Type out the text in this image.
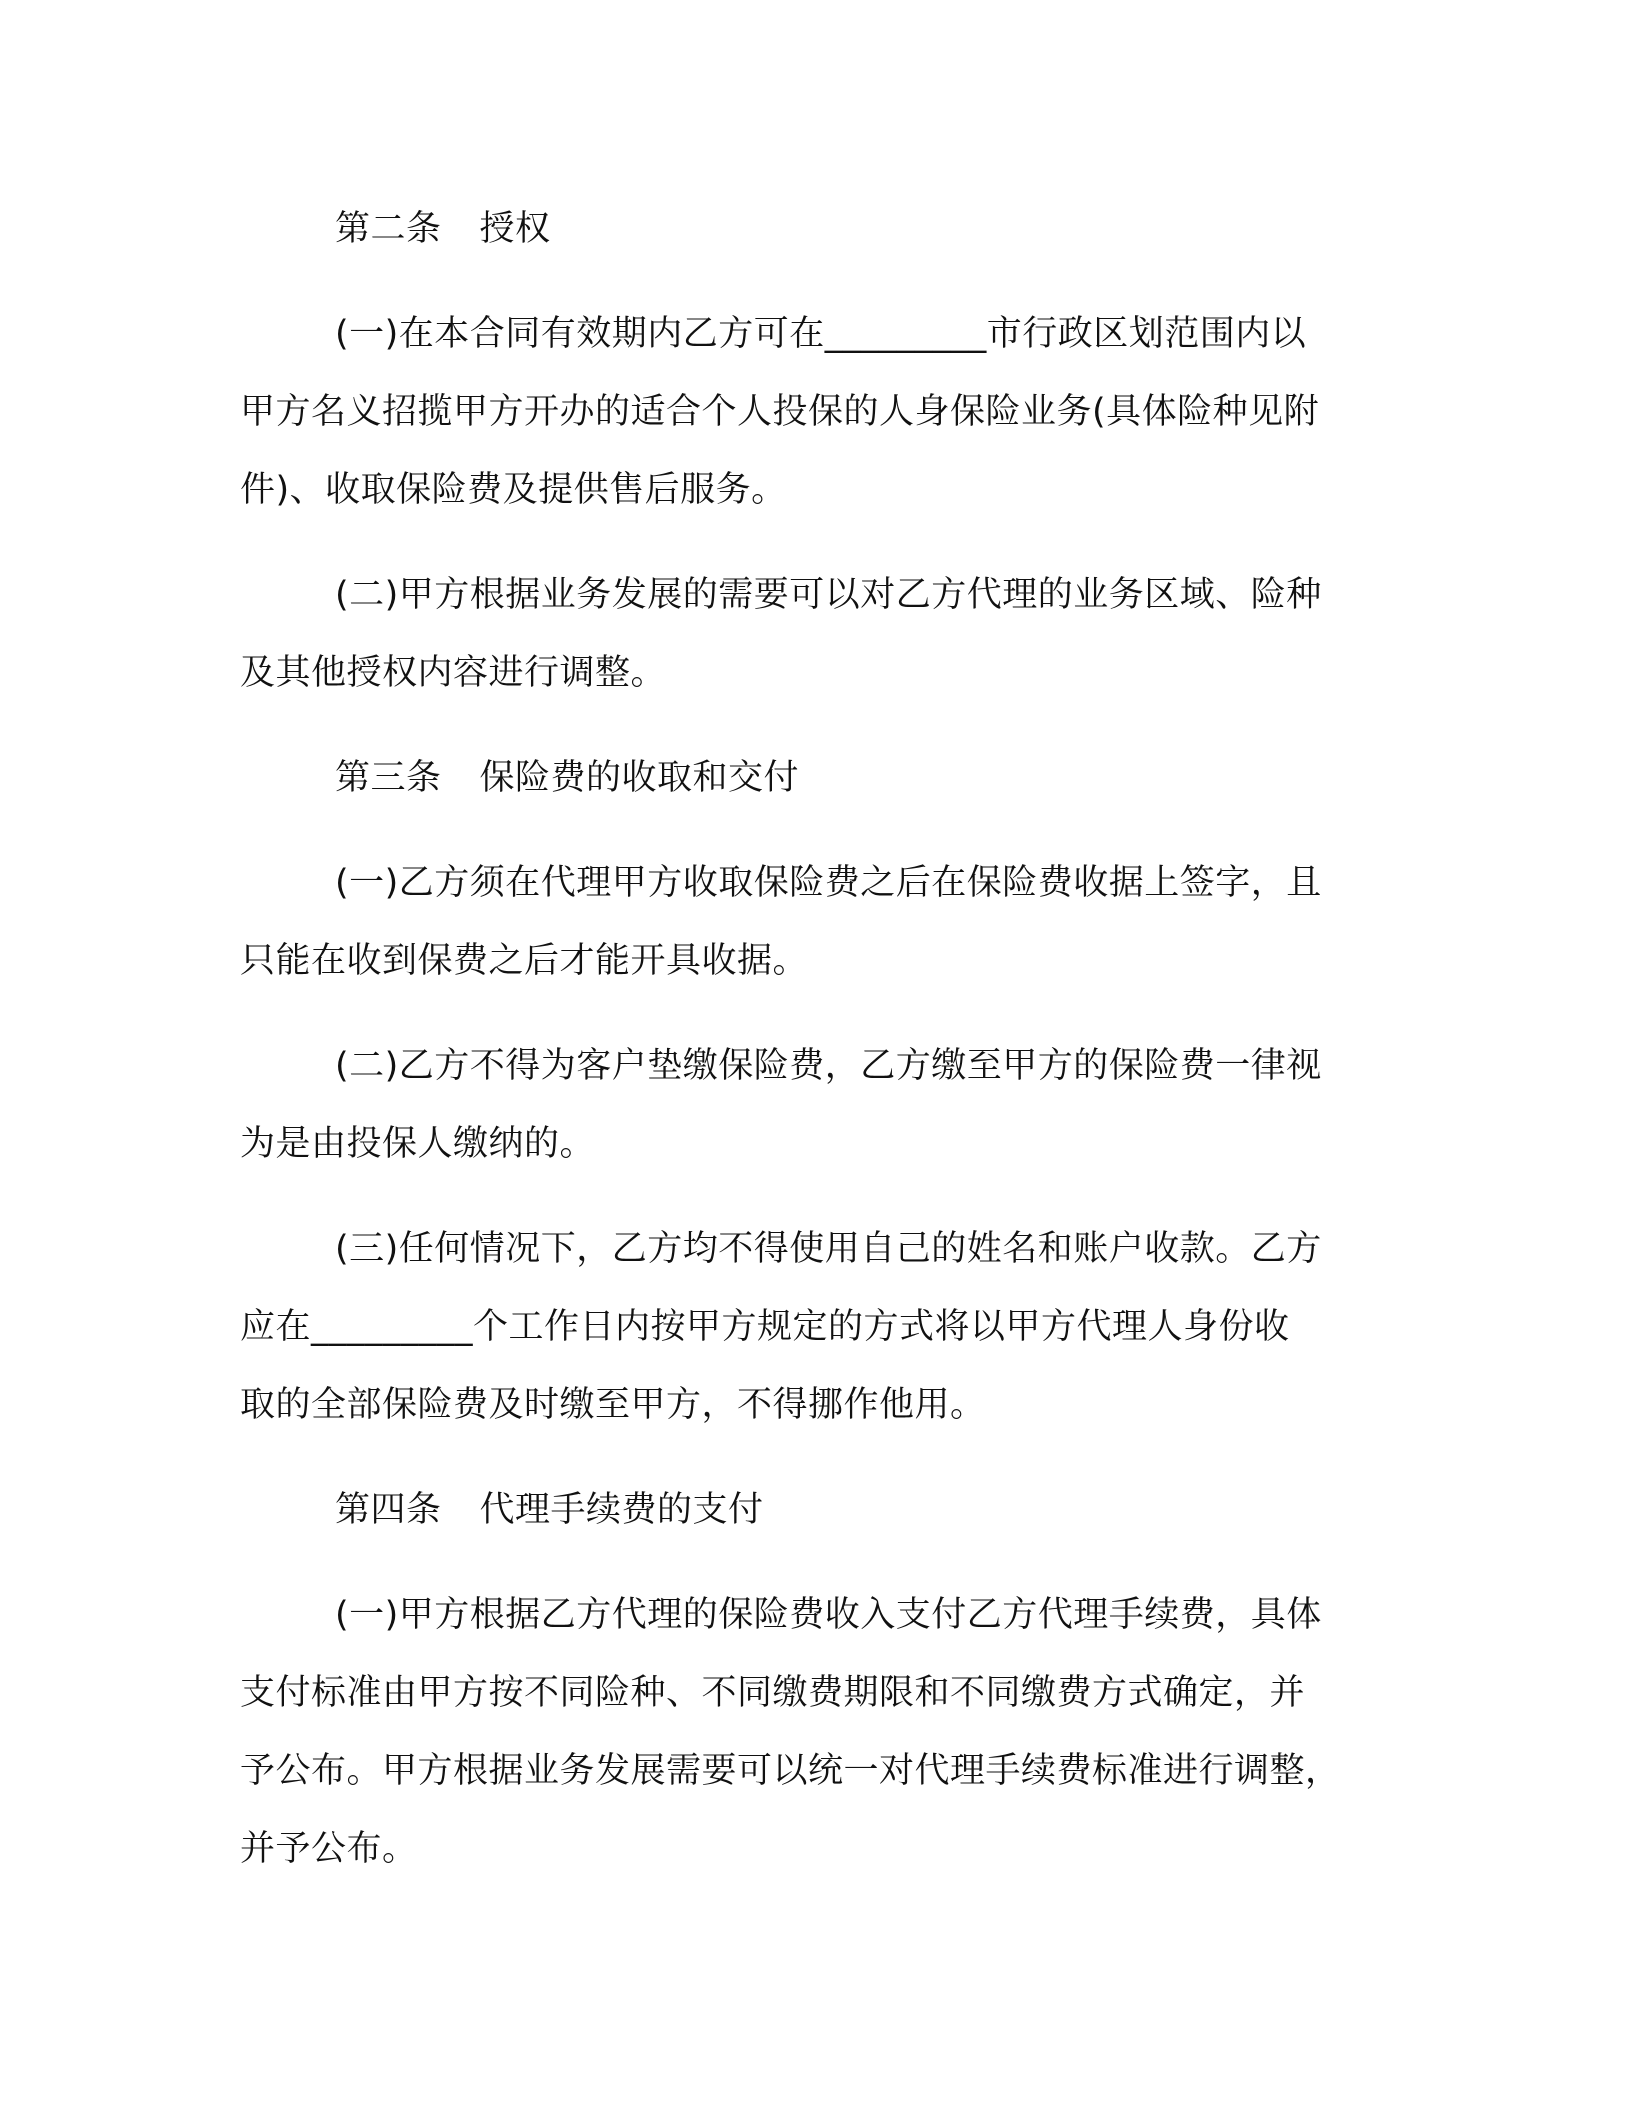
第二条 授权
(一)在本合同有效期内乙方可在_________市行政区划范围内以
甲方名义招揽甲方开办的适合个人投保的人身保险业务(具体险种见附
件)、收取保险费及提供售后服务。
(二)甲方根据业务发展的需要可以对乙方代理的业务区域、险种
及其他授权内容进行调整。
第三条 保险费的收取和交付
(一)乙方须在代理甲方收取保险费之后在保险费收据上签字，且
只能在收到保费之后才能开具收据。
(二)乙方不得为客户垫缴保险费，乙方缴至甲方的保险费一律视
为是由投保人缴纳的。
(三)任何情况下，乙方均不得使用自己的姓名和账户收款。乙方
应在_________个工作日内按甲方规定的方式将以甲方代理人身份收
取的全部保险费及时缴至甲方，不得挪作他用。
第四条 代理手续费的支付
(一)甲方根据乙方代理的保险费收入支付乙方代理手续费，具体
支付标准由甲方按不同险种、不同缴费期限和不同缴费方式确定，并
予公布。甲方根据业务发展需要可以统一对代理手续费标准进行调整，
并予公布。
